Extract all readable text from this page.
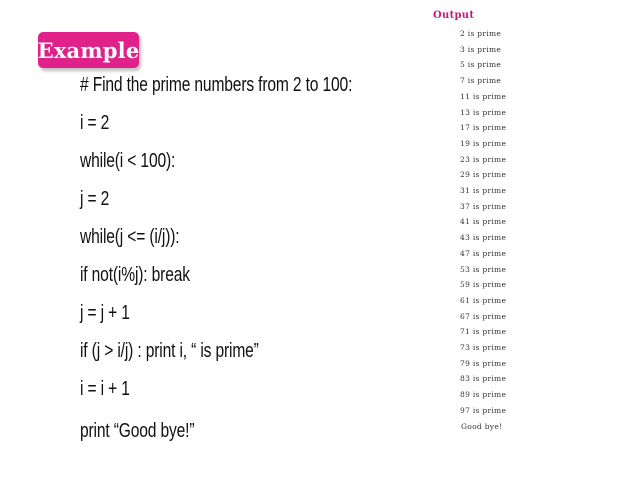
Example
# Find the prime numbers from 2 to 100:
i = 2
while(i < 100):
j = 2
while(j <= (i/j)):
if not(i%j): break
j = j + 1
if (j > i/j) : print i, “ is prime”
i = i + 1
print “Good bye!”
Output
2 is prime
3 is prime
5 is prime
7 is prime
11 is prime
13 is prime
17 is prime
19 is prime
23 is prime
29 is prime
31 is prime
37 is prime
41 is prime
43 is prime
47 is prime
53 is prime
59 is prime
61 is prime
67 is prime
71 is prime
73 is prime
79 is prime
83 is prime
89 is prime
97 is prime
Good bye!
